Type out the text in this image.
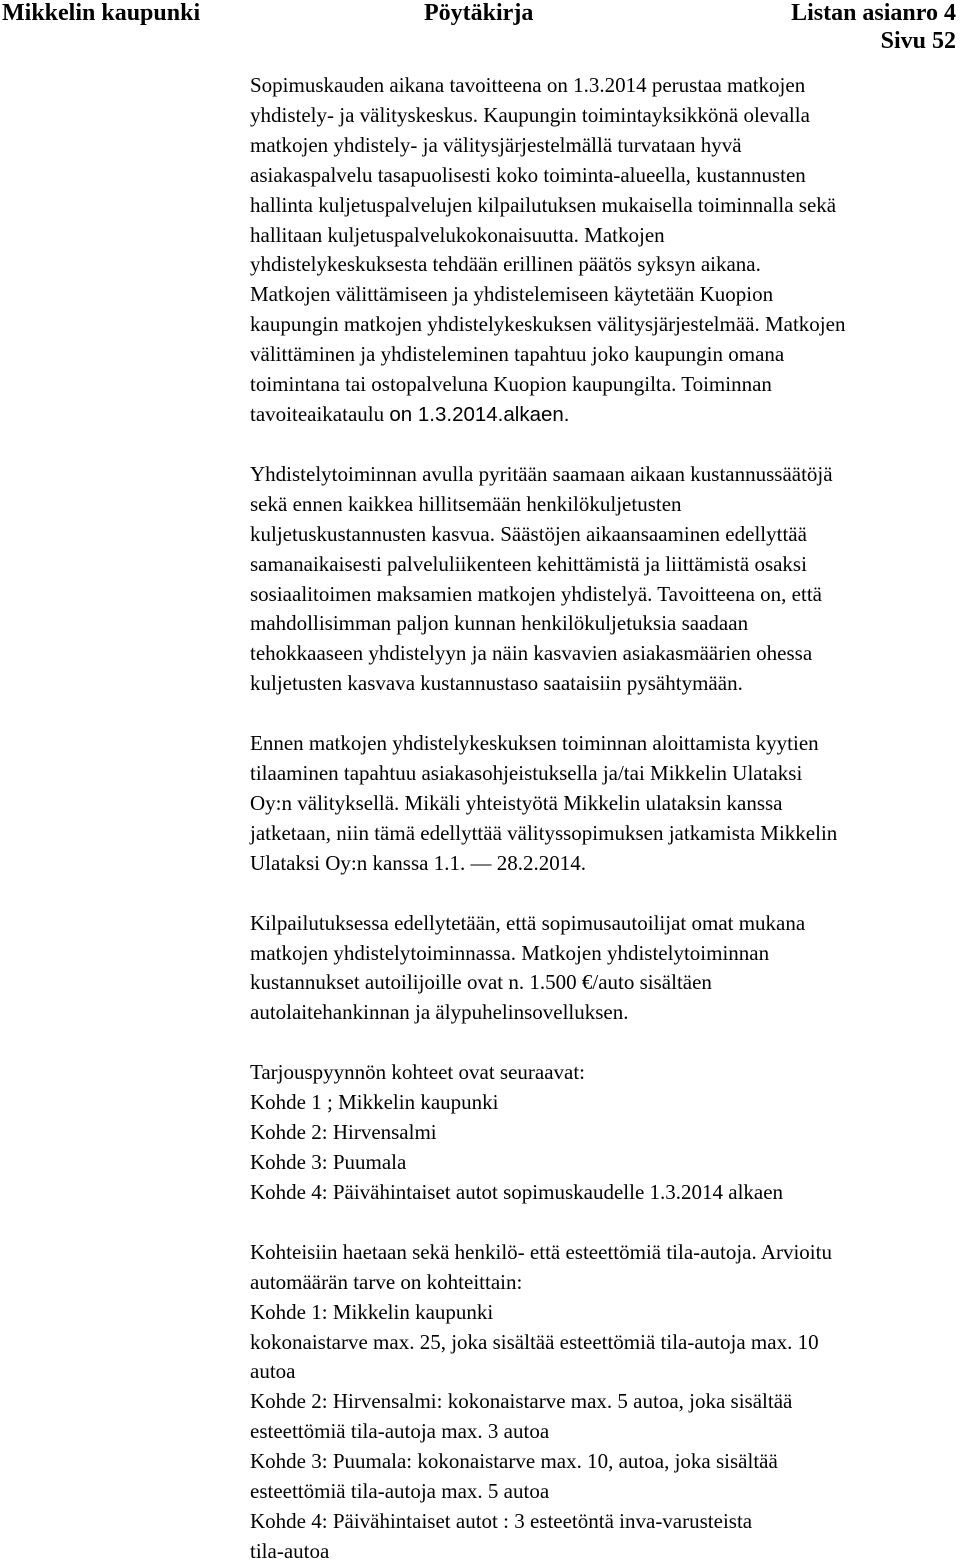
Mikkelin kaupunki	Pöytäkirja	Listan asianro 4
Sivu 52

Sopimuskauden aikana tavoitteena on 1.3.2014 perustaa matkojen
yhdistely- ja välityskeskus. Kaupungin toimintayksikkönä olevalla
matkojen yhdistely- ja välitysjärjestelmällä turvataan hyvä
asiakaspalvelu tasapuolisesti koko toiminta-alueella, kustannusten
hallinta kuljetuspalvelujen kilpailutuksen mukaisella toiminnalla sekä
hallitaan kuljetuspalvelukokonaisuutta. Matkojen
yhdistelykeskuksesta tehdään erillinen päätös syksyn aikana.
Matkojen välittämiseen ja yhdistelemiseen käytetään Kuopion
kaupungin matkojen yhdistelykeskuksen välitysjärjestelmää. Matkojen
välittäminen ja yhdisteleminen tapahtuu joko kaupungin omana
toimintana tai ostopalveluna Kuopion kaupungilta. Toiminnan
tavoiteaikataulu on 1.3.2014.alkaen.

Yhdistelytoiminnan avulla pyritään saamaan aikaan kustannussäätöjä
sekä ennen kaikkea hillitsemään henkilökuljetusten
kuljetuskustannusten kasvua. Säästöjen aikaansaaminen edellyttää
samanaikaisesti palveluliikenteen kehittämistä ja liittämistä osaksi
sosiaalitoimen maksamien matkojen yhdistelyä. Tavoitteena on, että
mahdollisimman paljon kunnan henkilökuljetuksia saadaan
tehokkaaseen yhdistelyyn ja näin kasvavien asiakasmäärien ohessa
kuljetusten kasvava kustannustaso saataisiin pysähtymään.

Ennen matkojen yhdistelykeskuksen toiminnan aloittamista kyytien
tilaaminen tapahtuu asiakasohjeistuksella ja/tai Mikkelin Ulataksi
Oy:n välityksellä. Mikäli yhteistyötä Mikkelin ulataksin kanssa
jatketaan, niin tämä edellyttää välityssopimuksen jatkamista Mikkelin
Ulataksi Oy:n kanssa 1.1. — 28.2.2014.

Kilpailutuksessa edellytetään, että sopimusautoilijat omat mukana
matkojen yhdistelytoiminnassa. Matkojen yhdistelytoiminnan
kustannukset autoilijoille ovat n. 1.500 €/auto sisältäen
autolaitehankinnan ja älypuhelinsovelluksen.

Tarjouspyynnön kohteet ovat seuraavat:
Kohde 1 ; Mikkelin kaupunki
Kohde 2: Hirvensalmi
Kohde 3: Puumala
Kohde 4: Päivähintaiset autot sopimuskaudelle 1.3.2014 alkaen

Kohteisiin haetaan sekä henkilö- että esteettömiä tila-autoja. Arvioitu
automäärän tarve on kohteittain:
Kohde 1: Mikkelin kaupunki
kokonaistarve max. 25, joka sisältää esteettömiä tila-autoja max. 10
autoa
Kohde 2: Hirvensalmi: kokonaistarve max. 5 autoa, joka sisältää
esteettömiä tila-autoja max. 3 autoa
Kohde 3: Puumala: kokonaistarve max. 10, autoa, joka sisältää
esteettömiä tila-autoja max. 5 autoa
Kohde 4: Päivähintaiset autot : 3 esteetöntä inva-varustеista
tila-autoa
